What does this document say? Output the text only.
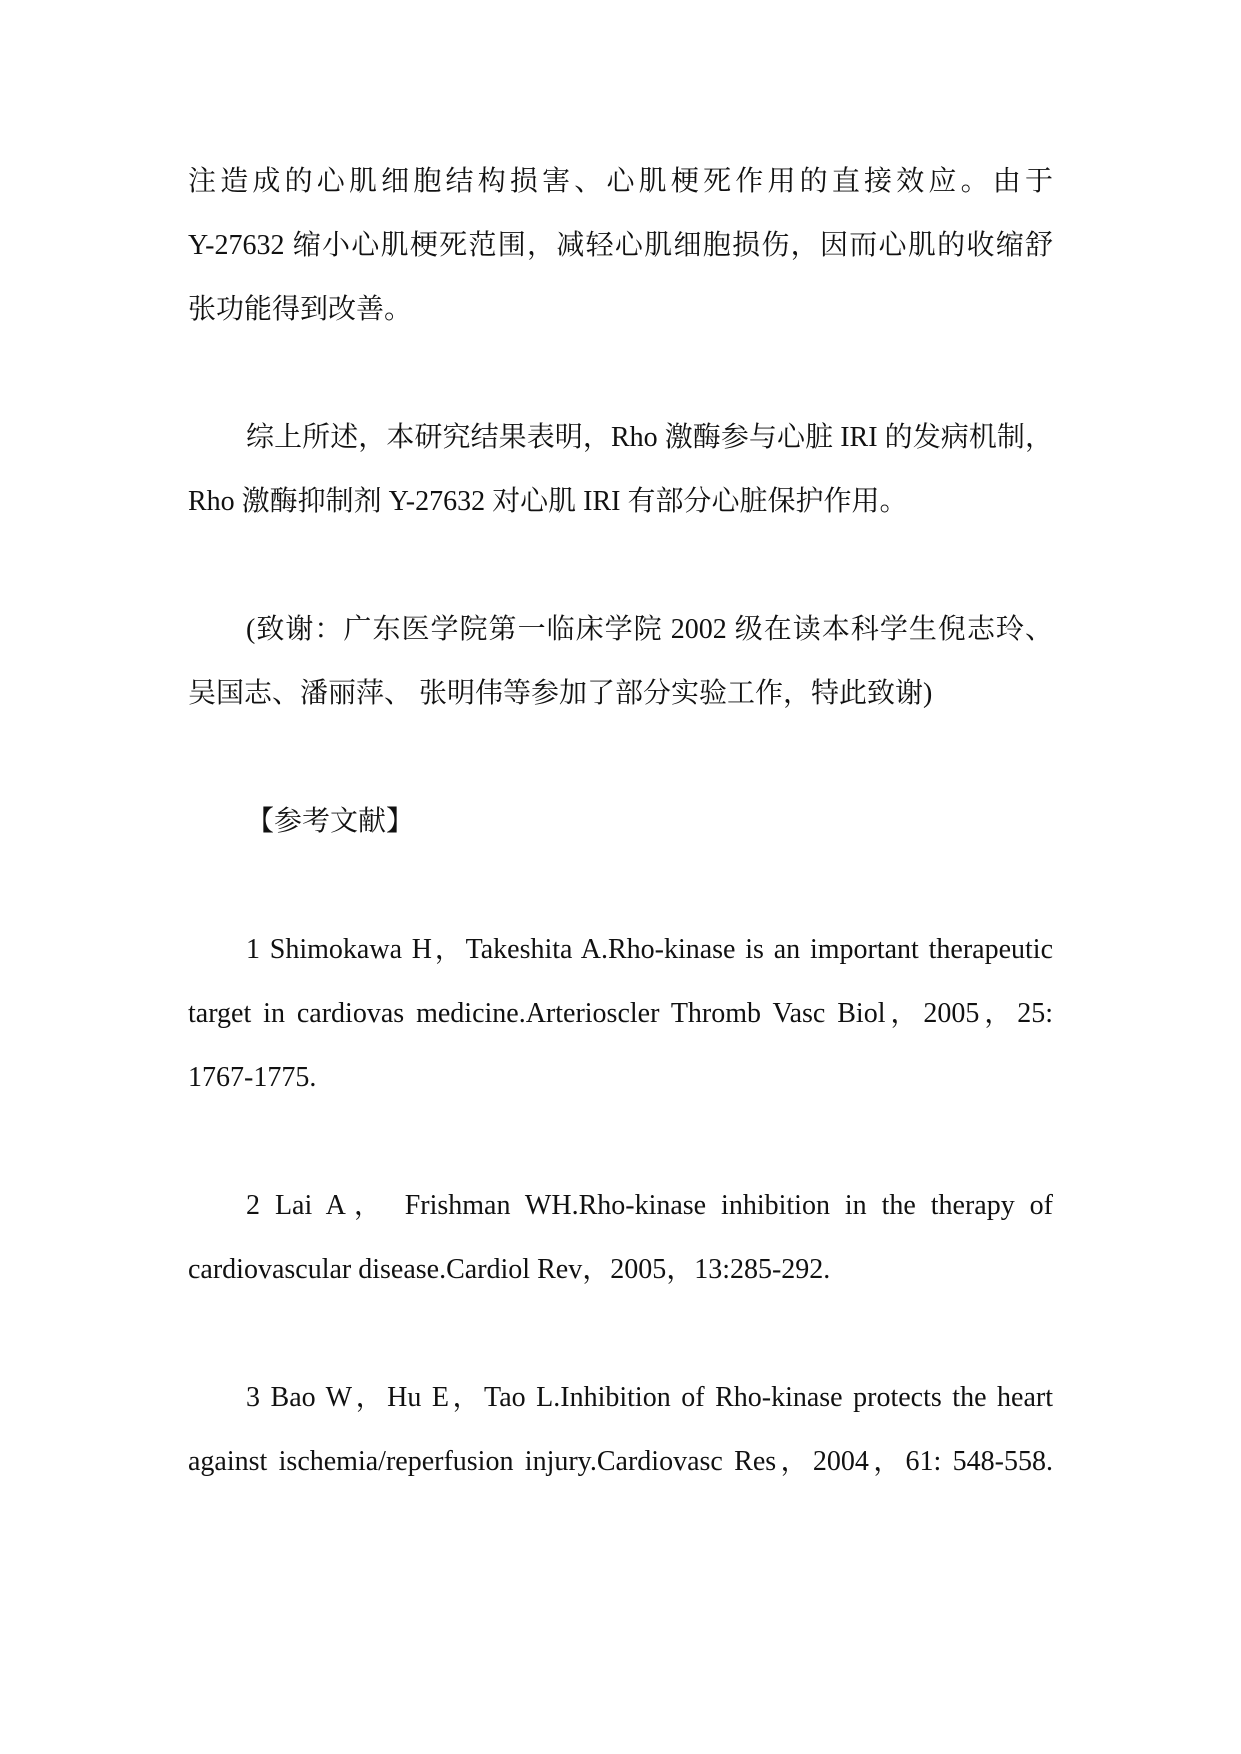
注造成的心肌细胞结构损害、心肌梗死作用的直接效应。由于
Y-27632 缩小心肌梗死范围，减轻心肌细胞损伤，因而心肌的收缩舒
张功能得到改善。
综上所述，本研究结果表明，Rho 激酶参与心脏 IRI 的发病机制，
Rho 激酶抑制剂 Y-27632 对心肌 IRI 有部分心脏保护作用。
(致谢：广东医学院第一临床学院 2002 级在读本科学生倪志玲、
吴国志、潘丽萍、 张明伟等参加了部分实验工作，特此致谢)
【参考文献】
1 Shimokawa H，Takeshita A.Rho-kinase is an important therapeutic
target in cardiovas medicine.Arterioscler Thromb Vasc Biol，2005，25:
1767-1775.
2 Lai A， Frishman WH.Rho-kinase inhibition in the therapy of
cardiovascular disease.Cardiol Rev，2005，13:285-292.
3 Bao W，Hu E，Tao L.Inhibition of Rho-kinase protects the heart
against ischemia/reperfusion injury.Cardiovasc Res，2004，61: 548-558.
